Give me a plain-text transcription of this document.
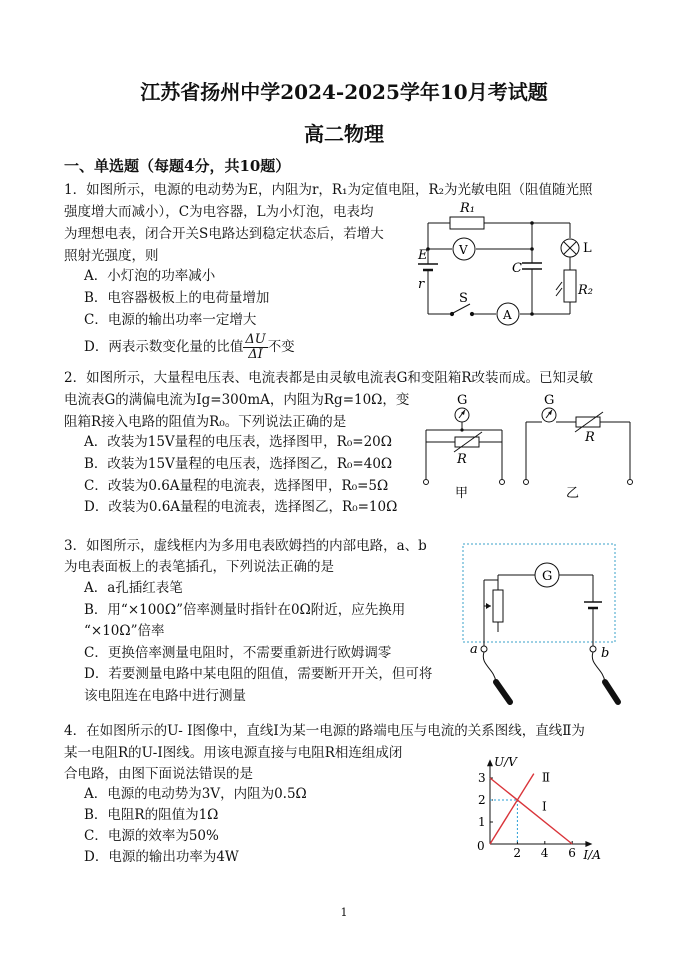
江苏省扬州中学2024-2025学年10月考试题
高二物理
一、单选题（每题4分，共10题）
1．如图所示，电源的电动势为E，内阻为r，R₁为定值电阻，R₂为光敏电阻（阻值随光照
强度增大而减小），C为电容器，L为小灯泡，电表均
为理想电表，闭合开关S电路达到稳定状态后，若增大
照射光强度，则
A．小灯泡的功率减小
B．电容器极板上的电荷量增加
C．电源的输出功率一定增大
D．两表示数变化量的比值 $\frac{\Delta U}{\Delta I}$ 不变
R₁
V	L
E
r
C
R₂
S
A
2．如图所示，大量程电压表、电流表都是由灵敏电流表G和变阻箱R改装而成。已知灵敏
电流表G的满偏电流为Ig=300mA，内阻为Rg=10Ω，变
阻箱R接入电路的阻值为R₀。下列说法正确的是
A．改装为15V量程的电压表，选择图甲，R₀=20Ω
B．改装为15V量程的电压表，选择图乙，R₀=40Ω
C．改装为0.6A量程的电流表，选择图甲，R₀=5Ω
D．改装为0.6A量程的电流表，选择图乙，R₀=10Ω
G
R
甲
G
R
乙
3．如图所示，虚线框内为多用电表欧姆挡的内部电路，a、b
为电表面板上的表笔插孔，下列说法正确的是
A．a孔插红表笔
B．用“×100Ω”倍率测量时指针在0Ω附近，应先换用
“×10Ω”倍率
C．更换倍率测量电阻时，不需要重新进行欧姆调零
D．若要测量电路中某电阻的阻值，需要断开开关，但可将
该电阻连在电路中进行测量
G
a	b
4．在如图所示的U- I图像中，直线Ⅰ为某一电源的路端电压与电流的关系图线，直线Ⅱ为
某一电阻R的U-I图线。用该电源直接与电阻R相连组成闭
合电路，由图下面说法错误的是
A．电源的电动势为3V，内阻为0.5Ω
B．电阻R的阻值为1Ω
C．电源的效率为50%
D．电源的输出功率为4W	2 4 6
1
2
3
0
I/A
U/V
Ⅰ
Ⅱ
1
